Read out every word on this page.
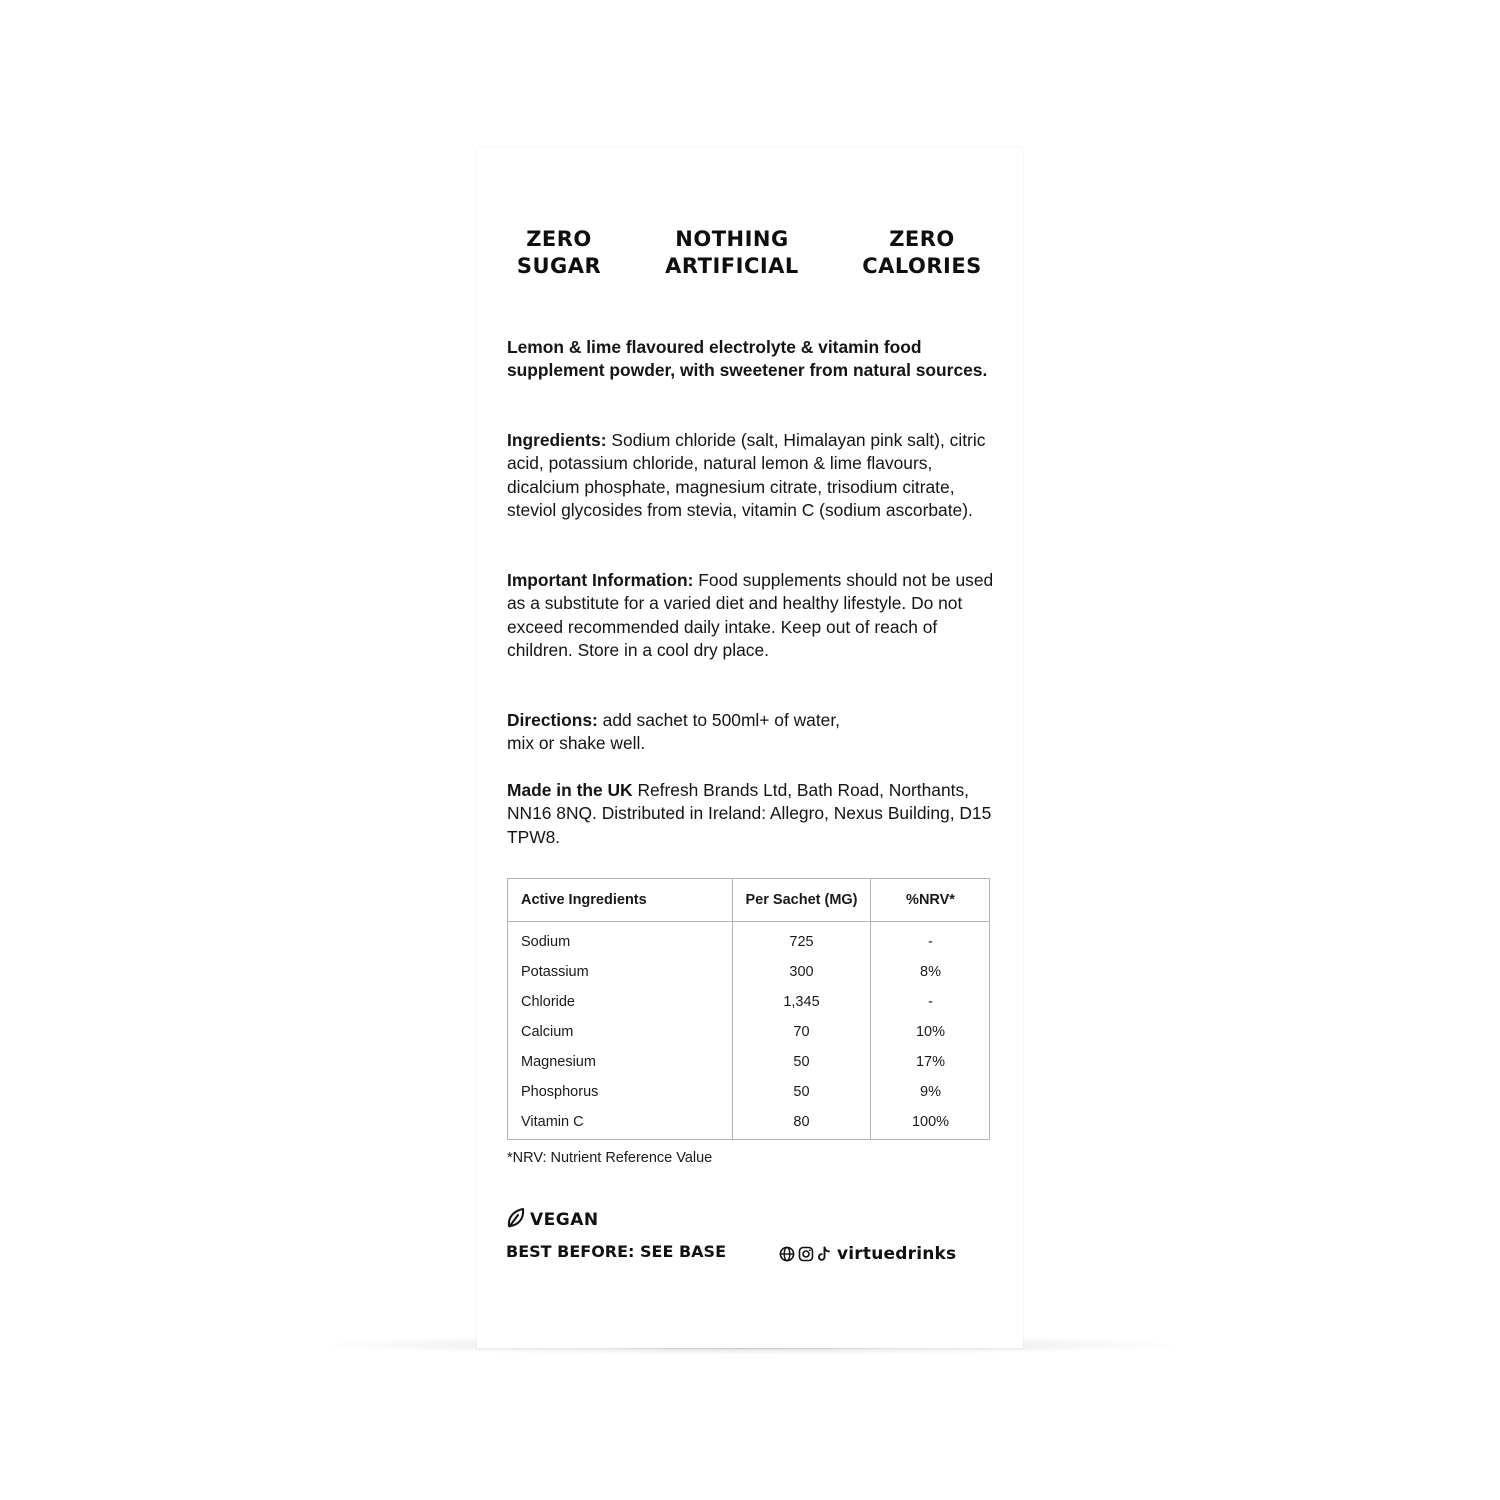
ZERO
SUGAR
NOTHING
ARTIFICIAL
ZERO
CALORIES
Lemon & lime flavoured electrolyte & vitamin food supplement powder, with sweetener from natural sources.
Ingredients: Sodium chloride (salt, Himalayan pink salt), citric acid, potassium chloride, natural lemon & lime flavours, dicalcium phosphate, magnesium citrate, trisodium citrate, steviol glycosides from stevia, vitamin C (sodium ascorbate).
Important Information: Food supplements should not be used as a substitute for a varied diet and healthy lifestyle. Do not exceed recommended daily intake. Keep out of reach of children. Store in a cool dry place.
Directions: add sachet to 500ml+ of water,
mix or shake well.
Made in the UK Refresh Brands Ltd, Bath Road, Northants, NN16 8NQ. Distributed in Ireland: Allegro, Nexus Building, D15 TPW8.
Active Ingredients	Per Sachet (MG)	%NRV*
Sodium	725	-
Potassium	300	8%
Chloride	1,345	-
Calcium	70	10%
Magnesium	50	17%
Phosphorus	50	9%
Vitamin C	80	100%
*NRV: Nutrient Reference Value
VEGAN
BEST BEFORE: SEE BASE	virtuedrinks
